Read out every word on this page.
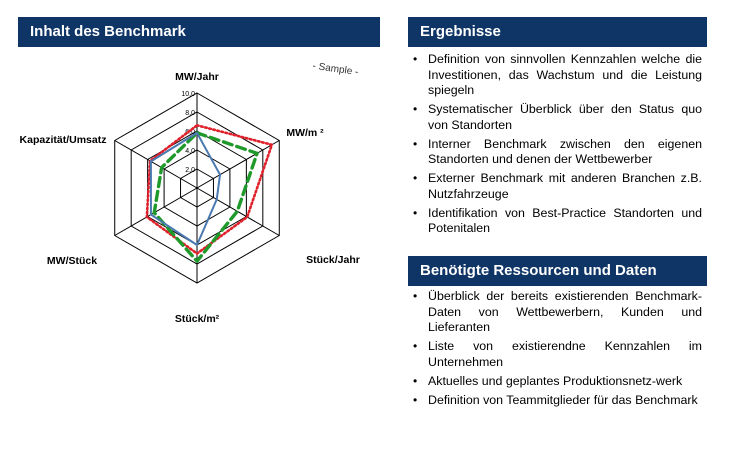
Inhalt des Benchmark
2,0
4,0
6,0
8,0
10,0
MW/Jahr
MW/m ²
Stück/Jahr
Stück/m²
MW/Stück
Kapazität/Umsatz
- Sample -
Ergebnisse
• Definition von sinnvollen Kennzahlen welche die Investitionen, das Wachstum und die Leistung spiegeln
• Systematischer Überblick über den Status quo von Standorten
• Interner Benchmark zwischen den eigenen Standorten und denen der Wettbewerber
• Externer Benchmark mit anderen Branchen z.B. Nutzfahrzeuge
• Identifikation von Best-Practice Standorten und Potenitalen
Benötigte Ressourcen und Daten
• Überblick der bereits existierenden Benchmark-Daten von Wettbewerbern, Kunden und Lieferanten
• Liste von existierendne Kennzahlen im Unternehmen
• Aktuelles und geplantes Produktionsnetz-werk
• Definition von Teammitglieder für das Benchmark
